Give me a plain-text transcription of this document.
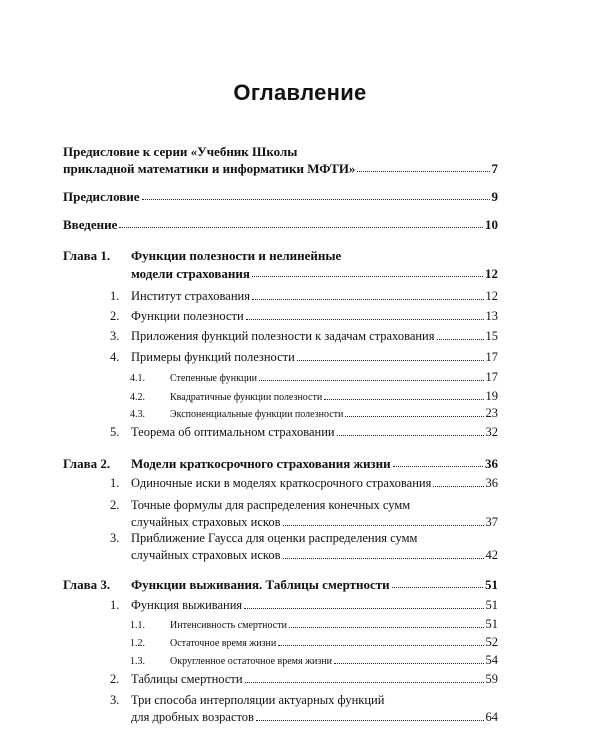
Оглавление
Предисловие к серии «Учебник Школы
прикладной математики и информатики МФТИ»	7
Предисловие	9
Введение	10
Глава 1. Функции полезности и нелинейные
модели страхования	12
1. Институт страхования	12
2. Функции полезности	13
3. Приложения функций полезности к задачам страхования	15
4. Примеры функций полезности	17
4.1.	Степенные функции	17
4.2.	Квадратичные функции полезности	19
4.3.	Экспоненциальные функции полезности	23
5. Теорема об оптимальном страховании	32
Глава 2. Модели краткосрочного страхования жизни	36
1. Одиночные иски в моделях краткосрочного страхования	36
2. Точные формулы для распределения конечных сумм
случайных страховых исков	37
3. Приближение Гаусса для оценки распределения сумм
случайных страховых исков	42
Глава 3. Функции выживания. Таблицы смертности	51
1. Функция выживания	51
1.1.	Интенсивность смертности	51
1.2.	Остаточное время жизни	52
1.3.	Округленное остаточное время жизни	54
2. Таблицы смертности	59
3. Три способа интерполяции актуарных функций
для дробных возрастов	64
